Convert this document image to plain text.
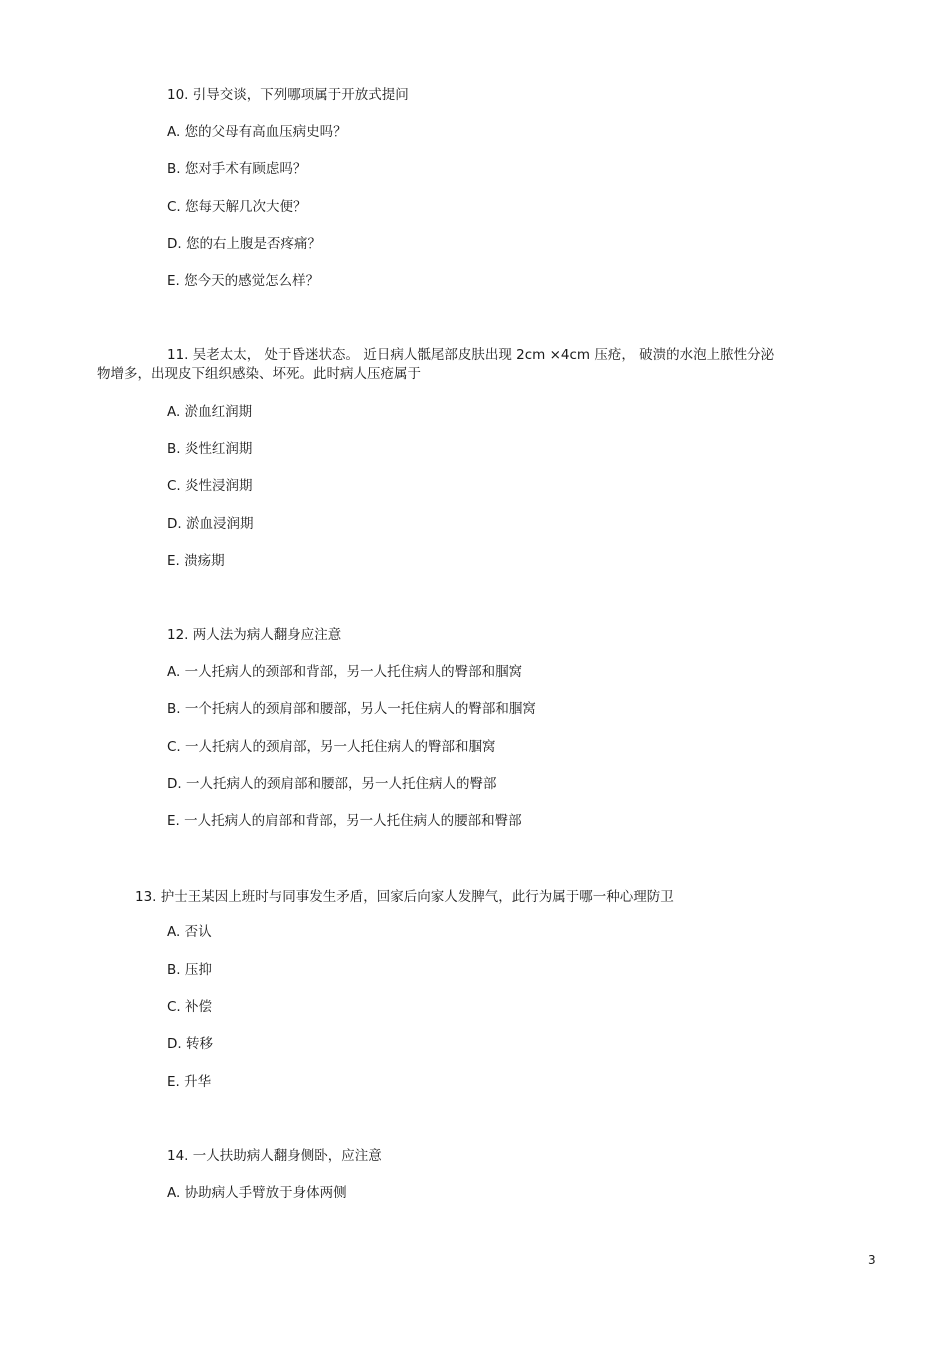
10. 引导交谈，下列哪项属于开放式提问
A. 您的父母有高血压病史吗？
B. 您对手术有顾虑吗？
C. 您每天解几次大便？
D. 您的右上腹是否疼痛？
E. 您今天的感觉怎么样？
11. 吴老太太， 处于昏迷状态。 近日病人骶尾部皮肤出现 2cm ×4cm 压疮， 破溃的水泡上脓性分泌
物增多，出现皮下组织感染、坏死。此时病人压疮属于
A. 淤血红润期
B. 炎性红润期
C. 炎性浸润期
D. 淤血浸润期
E. 溃疡期
12. 两人法为病人翻身应注意
A. 一人托病人的颈部和背部，另一人托住病人的臀部和腘窝
B. 一个托病人的颈肩部和腰部，另人一托住病人的臀部和腘窝
C. 一人托病人的颈肩部，另一人托住病人的臀部和腘窝
D. 一人托病人的颈肩部和腰部，另一人托住病人的臀部
E. 一人托病人的肩部和背部，另一人托住病人的腰部和臀部
13. 护士王某因上班时与同事发生矛盾，回家后向家人发脾气，此行为属于哪一种心理防卫
A. 否认
B. 压抑
C. 补偿
D. 转移
E. 升华
14. 一人扶助病人翻身侧卧，应注意
A. 协助病人手臂放于身体两侧
3
